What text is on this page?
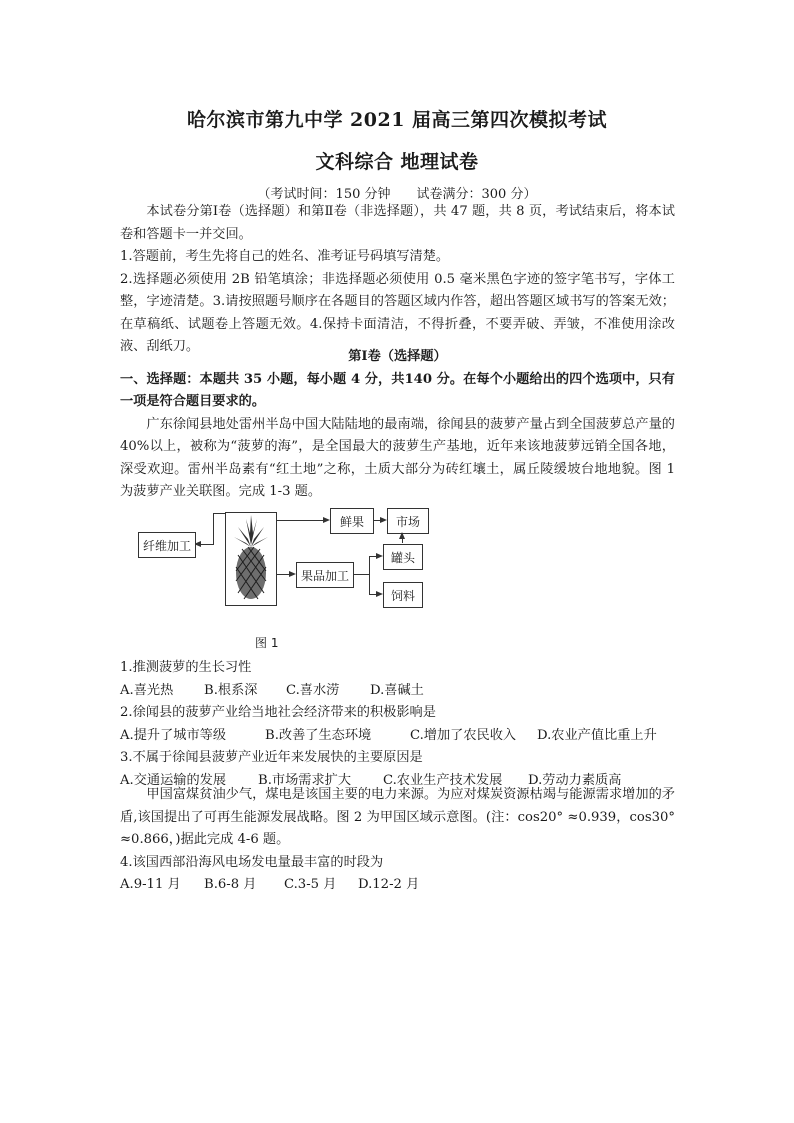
哈尔滨市第九中学 2021 届高三第四次模拟考试
文科综合 地理试卷
（考试时间：150 分钟　　试卷满分：300 分）
本试卷分第Ⅰ卷（选择题）和第Ⅱ卷（非选择题），共 47 题，共 8 页，考试结束后，将本试卷和答题卡一并交回。
1.答题前，考生先将自己的姓名、准考证号码填写清楚。
2.选择题必须使用 2B 铅笔填涂；非选择题必须使用 0.5 毫米黑色字迹的签字笔书写，字体工整，字迹清楚。3.请按照题号顺序在各题目的答题区域内作答，超出答题区域书写的答案无效；在草稿纸、试题卷上答题无效。4.保持卡面清洁，不得折叠，不要弄破、弄皱，不准使用涂改液、刮纸刀。
第Ⅰ卷（选择题）
一、选择题：本题共 35 小题，每小题 4 分，共140 分。在每个小题给出的四个选项中，只有一项是符合题目要求的。
广东徐闻县地处雷州半岛中国大陆陆地的最南端，徐闻县的菠萝产量占到全国菠萝总产量的 40%以上，被称为“菠萝的海”，是全国最大的菠萝生产基地，近年来该地菠萝远销全国各地，深受欢迎。雷州半岛素有“红土地”之称，土质大部分为砖红壤土，属丘陵缓坡台地地貌。图 1 为菠萝产业关联图。完成 1-3 题。
纤维加工
鲜果	市场
果品加工
罐头
饲料
图 1
1.推测菠萝的生长习性
A.喜光热	B.根系深	C.喜水涝	D.喜碱土
2.徐闻县的菠萝产业给当地社会经济带来的积极影响是
A.提升了城市等级	B.改善了生态环境	C.增加了农民收入	D.农业产值比重上升
3.不属于徐闻县菠萝产业近年来发展快的主要原因是
A.交通运输的发展	B.市场需求扩大	C.农业生产技术发展	D.劳动力素质高
甲国富煤贫油少气，煤电是该国主要的电力来源。为应对煤炭资源枯竭与能源需求增加的矛盾,该国提出了可再生能源发展战略。图 2 为甲国区域示意图。(注：cos20° ≈0.939，cos30° ≈0.866，)据此完成 4-6 题。
4.该国西部沿海风电场发电量最丰富的时段为
A.9-11 月	B.6-8 月	C.3-5 月	D.12-2 月
